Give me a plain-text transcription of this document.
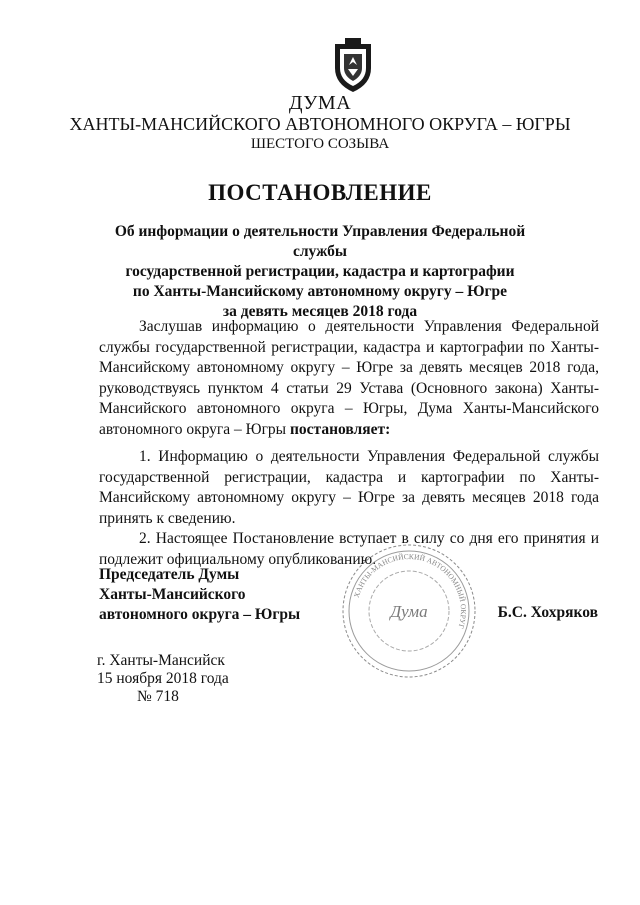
ДУМА
ХАНТЫ-МАНСИЙСКОГО АВТОНОМНОГО ОКРУГА – ЮГРЫ
ШЕСТОГО СОЗЫВА
ПОСТАНОВЛЕНИЕ
Об информации о деятельности Управления Федеральной службы
государственной регистрации, кадастра и картографии
по Ханты-Мансийскому автономному округу – Югре
за девять месяцев 2018 года
Заслушав информацию о деятельности Управления Федеральной службы государственной регистрации, кадастра и картографии по Ханты-Мансийскому автономному округу – Югре за девять месяцев 2018 года, руководствуясь пунктом 4 статьи 29 Устава (Основного закона) Ханты-Мансийского автономного округа – Югры, Дума Ханты-Мансийского автономного округа – Югры постановляет:

1. Информацию о деятельности Управления Федеральной службы государственной регистрации, кадастра и картографии по Ханты-Мансийскому автономному округу – Югре за девять месяцев 2018 года принять к сведению.

2. Настоящее Постановление вступает в силу со дня его принятия и подлежит официальному опубликованию.

Председатель Думы
Ханты-Мансийского
автономного округа – Югры
ХАНТЫ-МАНСИЙСКИЙ АВТОНОМНЫЙ ОКРУГ
Дума	Б.С. Хохряков
г. Ханты-Мансийск
15 ноября 2018 года
№ 718
